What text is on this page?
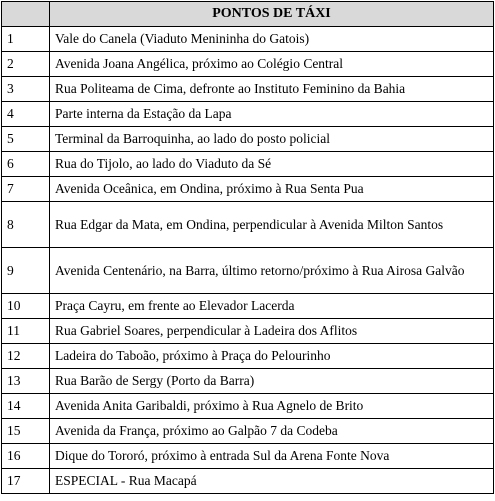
	PONTOS DE TÁXI
1	Vale do Canela (Viaduto Menininha do Gatois)
2	Avenida Joana Angélica, próximo ao Colégio Central
3	Rua Politeama de Cima, defronte ao Instituto Feminino da Bahia
4	Parte interna da Estação da Lapa
5	Terminal da Barroquinha, ao lado do posto policial
6	Rua do Tijolo, ao lado do Viaduto da Sé
7	Avenida Oceânica, em Ondina, próximo à Rua Senta Pua
8	Rua Edgar da Mata, em Ondina, perpendicular à Avenida Milton Santos
9	Avenida Centenário, na Barra, último retorno/próximo à Rua Airosa Galvão
10	Praça Cayru, em frente ao Elevador Lacerda
11	Rua Gabriel Soares, perpendicular à Ladeira dos Aflitos
12	Ladeira do Taboão, próximo à Praça do Pelourinho
13	Rua Barão de Sergy (Porto da Barra)
14	Avenida Anita Garibaldi, próximo à Rua Agnelo de Brito
15	Avenida da França, próximo ao Galpão 7 da Codeba
16	Dique do Tororó, próximo à entrada Sul da Arena Fonte Nova
17	ESPECIAL - Rua Macapá
